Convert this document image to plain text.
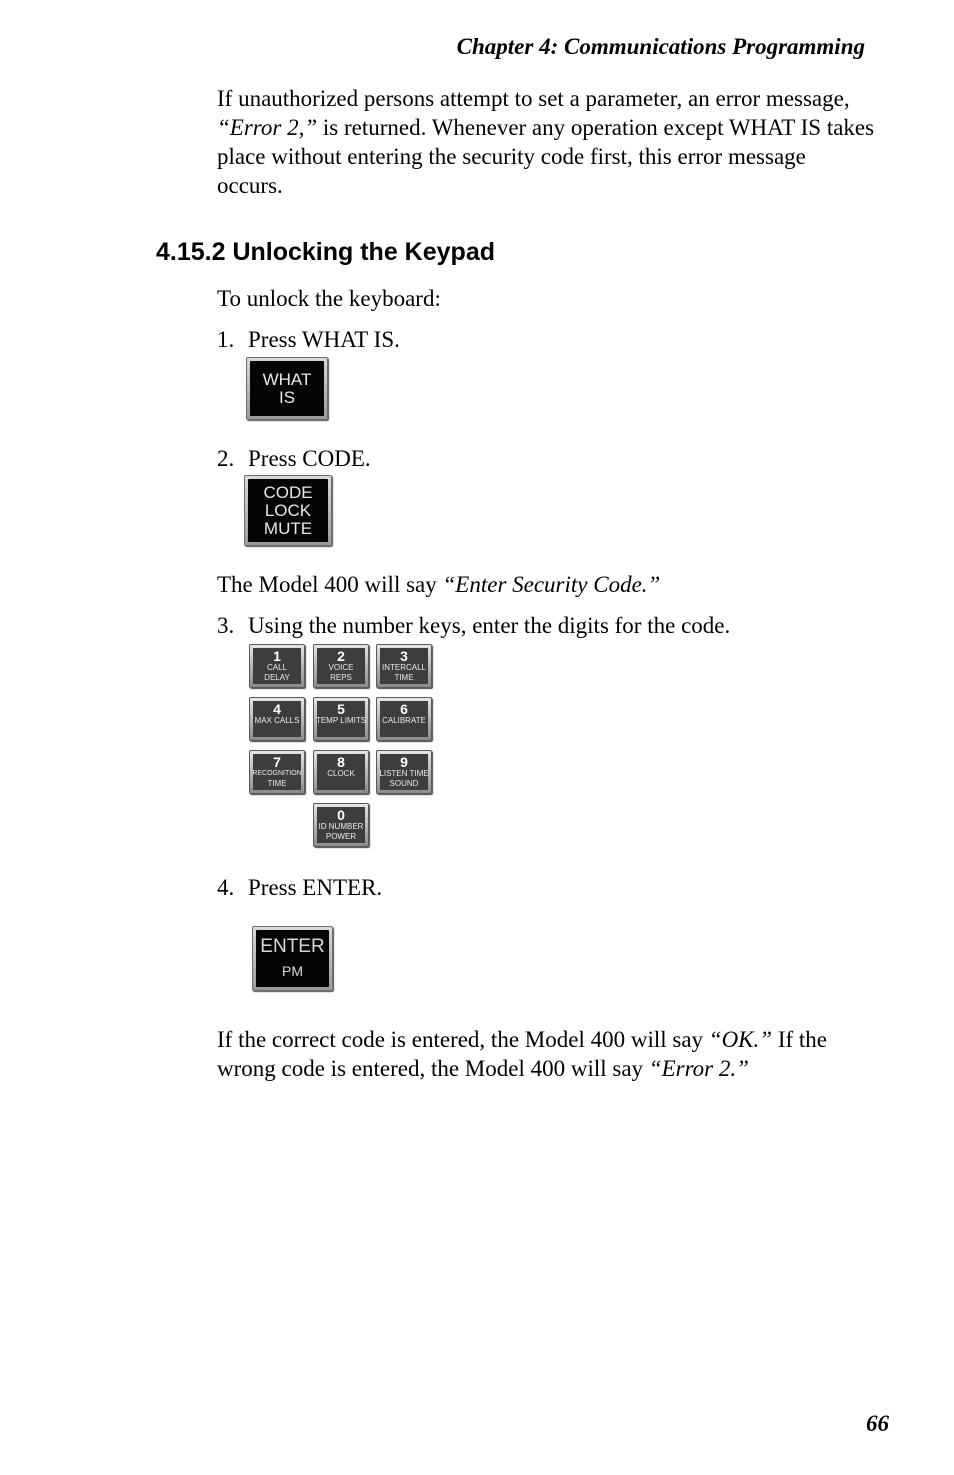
Chapter 4: Communications Programming

If unauthorized persons attempt to set a parameter, an error message, “Error 2,” is returned. Whenever any operation except WHAT IS takes place without entering the security code first, this error message occurs.

4.15.2 Unlocking the Keypad
To unlock the keyboard:
1. Press WHAT IS.
WHAT
IS
2. Press CODE.
CODE
LOCK
MUTE
The Model 400 will say “Enter Security Code.”
3. Using the number keys, enter the digits for the code.
1
CALL
DELAY
2
VOICE
REPS
3
INTERCALL
TIME
4
MAX CALLS
5
TEMP LIMITS
6
CALIBRATE
7
RECOGNITION
TIME
8
CLOCK
9
LISTEN TIME
SOUND
0
ID NUMBER
POWER
4. Press ENTER.
ENTER
PM

If the correct code is entered, the Model 400 will say “OK.” If the wrong code is entered, the Model 400 will say “Error 2.”

66
